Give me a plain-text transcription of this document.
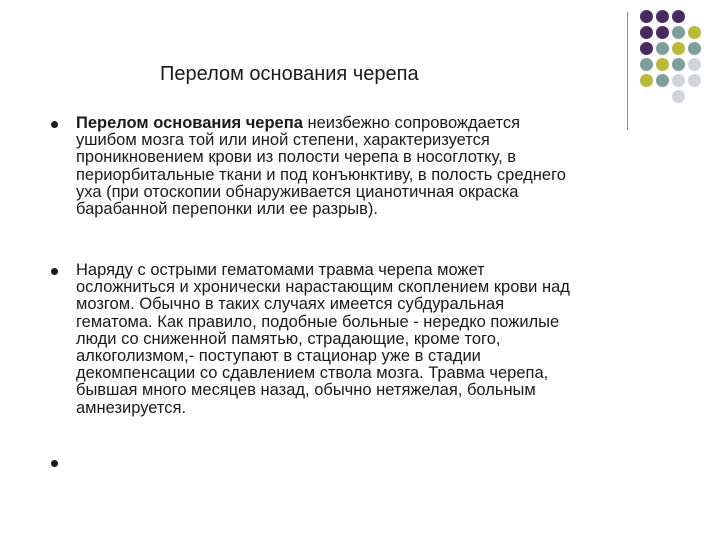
Перелом основания черепа
Перелом основания черепа неизбежно сопровождается
ушибом мозга той или иной степени, характеризуется
проникновением крови из полости черепа в носоглотку, в
периорбитальные ткани и под конъюнктиву, в полость среднего
уха (при отоскопии обнаруживается цианотичная окраска
барабанной перепонки или ее разрыв).
Наряду с острыми гематомами травма черепа может
осложниться и хронически нарастающим скоплением крови над
мозгом. Обычно в таких случаях имеется субдуральная
гематома. Как правило, подобные больные - нередко пожилые
люди со сниженной памятью, страдающие, кроме того,
алкоголизмом,- поступают в стационар уже в стадии
декомпенсации со сдавлением ствола мозга. Травма черепа,
бывшая много месяцев назад, обычно нетяжелая, больным
амнезируется.
